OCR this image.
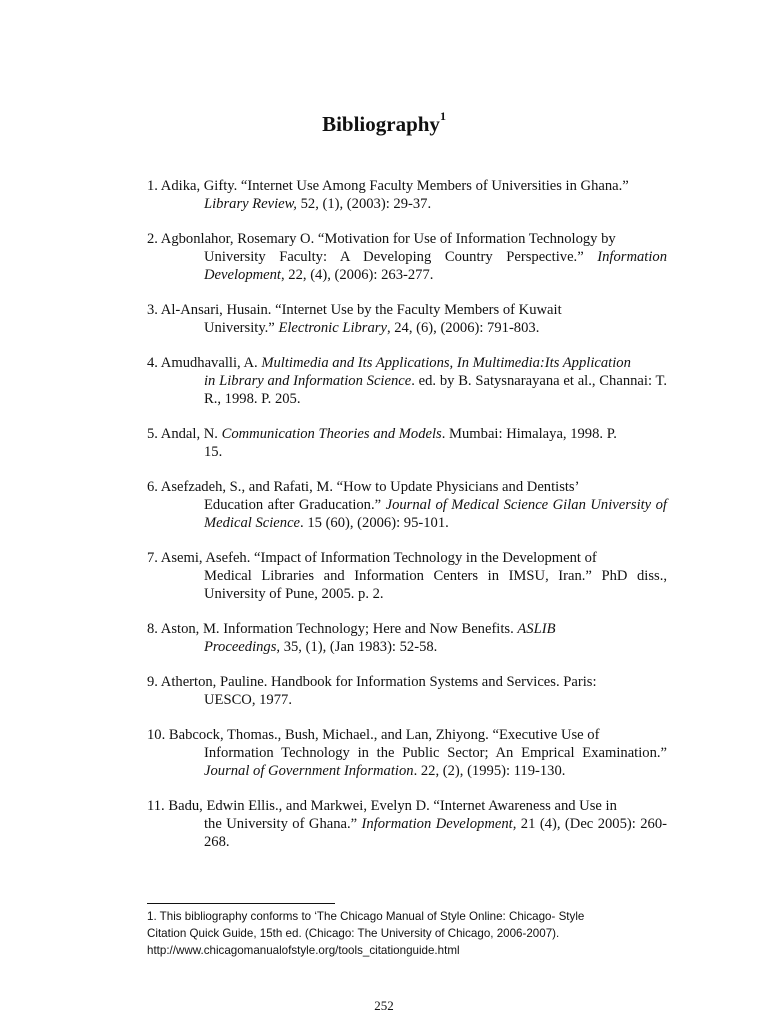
Bibliography$^1$
1. Adika, Gifty. “Internet Use Among Faculty Members of Universities in Ghana.”
Library Review, 52, (1), (2003): 29-37.
2. Agbonlahor, Rosemary O. “Motivation for Use of Information Technology by
University Faculty: A Developing Country Perspective.” Information Development, 22, (4), (2006): 263-277.
3. Al-Ansari, Husain. “Internet Use by the Faculty Members of Kuwait
University.” Electronic Library, 24, (6), (2006): 791-803.
4. Amudhavalli, A. Multimedia and Its Applications, In Multimedia:Its Application
in Library and Information Science. ed. by B. Satysnarayana et al., Channai: T. R., 1998. P. 205.
5. Andal, N. Communication Theories and Models. Mumbai: Himalaya, 1998. P.
15.
6. Asefzadeh, S., and Rafati, M. “How to Update Physicians and Dentists’
Education after Graducation.” Journal of Medical Science Gilan University of Medical Science. 15 (60), (2006): 95-101.
7. Asemi, Asefeh. “Impact of Information Technology in the Development of
Medical Libraries and Information Centers in IMSU, Iran.” PhD diss., University of Pune, 2005. p. 2.
8. Aston, M. Information Technology; Here and Now Benefits. ASLIB
Proceedings, 35, (1), (Jan 1983): 52-58.
9. Atherton, Pauline. Handbook for Information Systems and Services. Paris:
UESCO, 1977.
10. Babcock, Thomas., Bush, Michael., and Lan, Zhiyong. “Executive Use of
Information Technology in the Public Sector; An Emprical Examination.” Journal of Government Information. 22, (2), (1995): 119-130.
11. Badu, Edwin Ellis., and Markwei, Evelyn D. “Internet Awareness and Use in
the University of Ghana.” Information Development, 21 (4), (Dec 2005): 260-268.
1. This bibliography conforms to ‘The Chicago Manual of Style Online: Chicago- Style
Citation Quick Guide, 15th ed. (Chicago: The University of Chicago, 2006-2007).
http://www.chicagomanualofstyle.org/tools_citationguide.html
252
